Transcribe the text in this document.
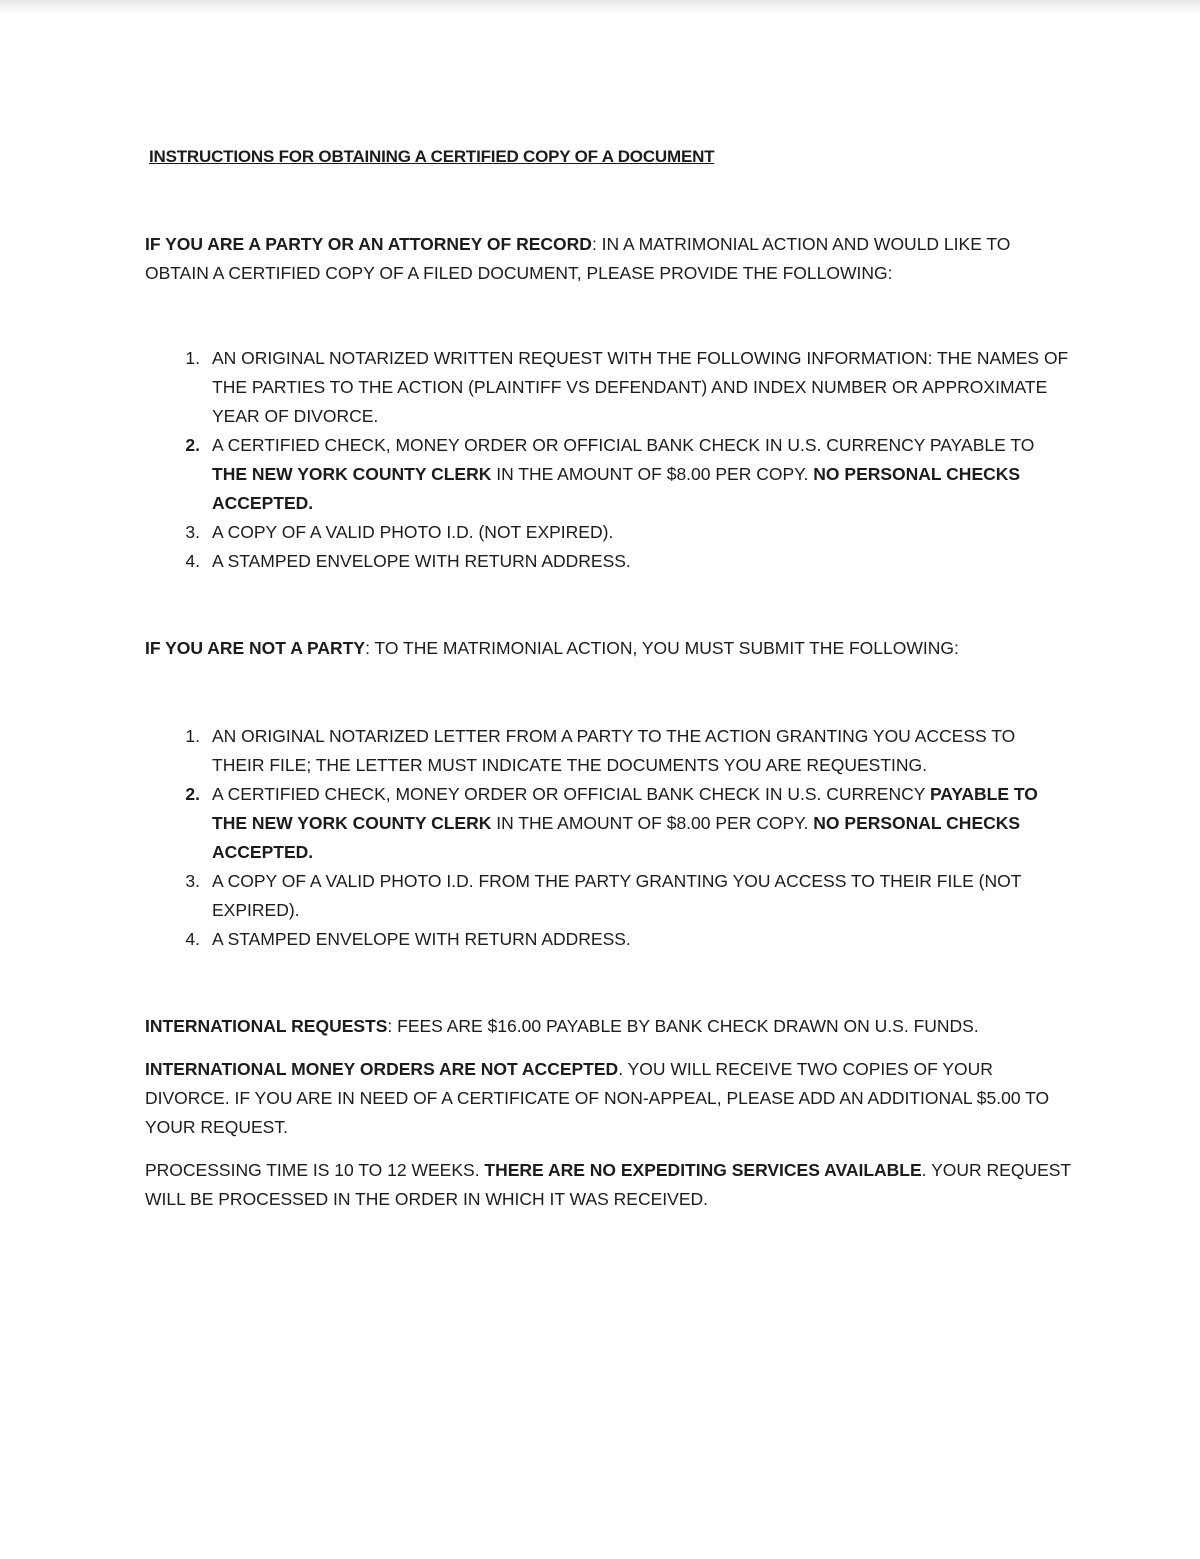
INSTRUCTIONS FOR OBTAINING A CERTIFIED COPY OF A DOCUMENT

IF YOU ARE A PARTY OR AN ATTORNEY OF RECORD: IN A MATRIMONIAL ACTION AND WOULD LIKE TO OBTAIN A CERTIFIED COPY OF A FILED DOCUMENT, PLEASE PROVIDE THE FOLLOWING:

1. AN ORIGINAL NOTARIZED WRITTEN REQUEST WITH THE FOLLOWING INFORMATION: THE NAMES OF THE PARTIES TO THE ACTION (PLAINTIFF VS DEFENDANT) AND INDEX NUMBER OR APPROXIMATE YEAR OF DIVORCE.
2. A CERTIFIED CHECK, MONEY ORDER OR OFFICIAL BANK CHECK IN U.S. CURRENCY PAYABLE TO THE NEW YORK COUNTY CLERK IN THE AMOUNT OF $8.00 PER COPY. NO PERSONAL CHECKS ACCEPTED.
3. A COPY OF A VALID PHOTO I.D. (NOT EXPIRED).
4. A STAMPED ENVELOPE WITH RETURN ADDRESS.

IF YOU ARE NOT A PARTY: TO THE MATRIMONIAL ACTION, YOU MUST SUBMIT THE FOLLOWING:

1. AN ORIGINAL NOTARIZED LETTER FROM A PARTY TO THE ACTION GRANTING YOU ACCESS TO THEIR FILE; THE LETTER MUST INDICATE THE DOCUMENTS YOU ARE REQUESTING.
2. A CERTIFIED CHECK, MONEY ORDER OR OFFICIAL BANK CHECK IN U.S. CURRENCY PAYABLE TO THE NEW YORK COUNTY CLERK IN THE AMOUNT OF $8.00 PER COPY. NO PERSONAL CHECKS ACCEPTED.
3. A COPY OF A VALID PHOTO I.D. FROM THE PARTY GRANTING YOU ACCESS TO THEIR FILE (NOT EXPIRED).
4. A STAMPED ENVELOPE WITH RETURN ADDRESS.

INTERNATIONAL REQUESTS: FEES ARE $16.00 PAYABLE BY BANK CHECK DRAWN ON U.S. FUNDS.

INTERNATIONAL MONEY ORDERS ARE NOT ACCEPTED. YOU WILL RECEIVE TWO COPIES OF YOUR DIVORCE. IF YOU ARE IN NEED OF A CERTIFICATE OF NON-APPEAL, PLEASE ADD AN ADDITIONAL $5.00 TO YOUR REQUEST.

PROCESSING TIME IS 10 TO 12 WEEKS. THERE ARE NO EXPEDITING SERVICES AVAILABLE. YOUR REQUEST WILL BE PROCESSED IN THE ORDER IN WHICH IT WAS RECEIVED.
